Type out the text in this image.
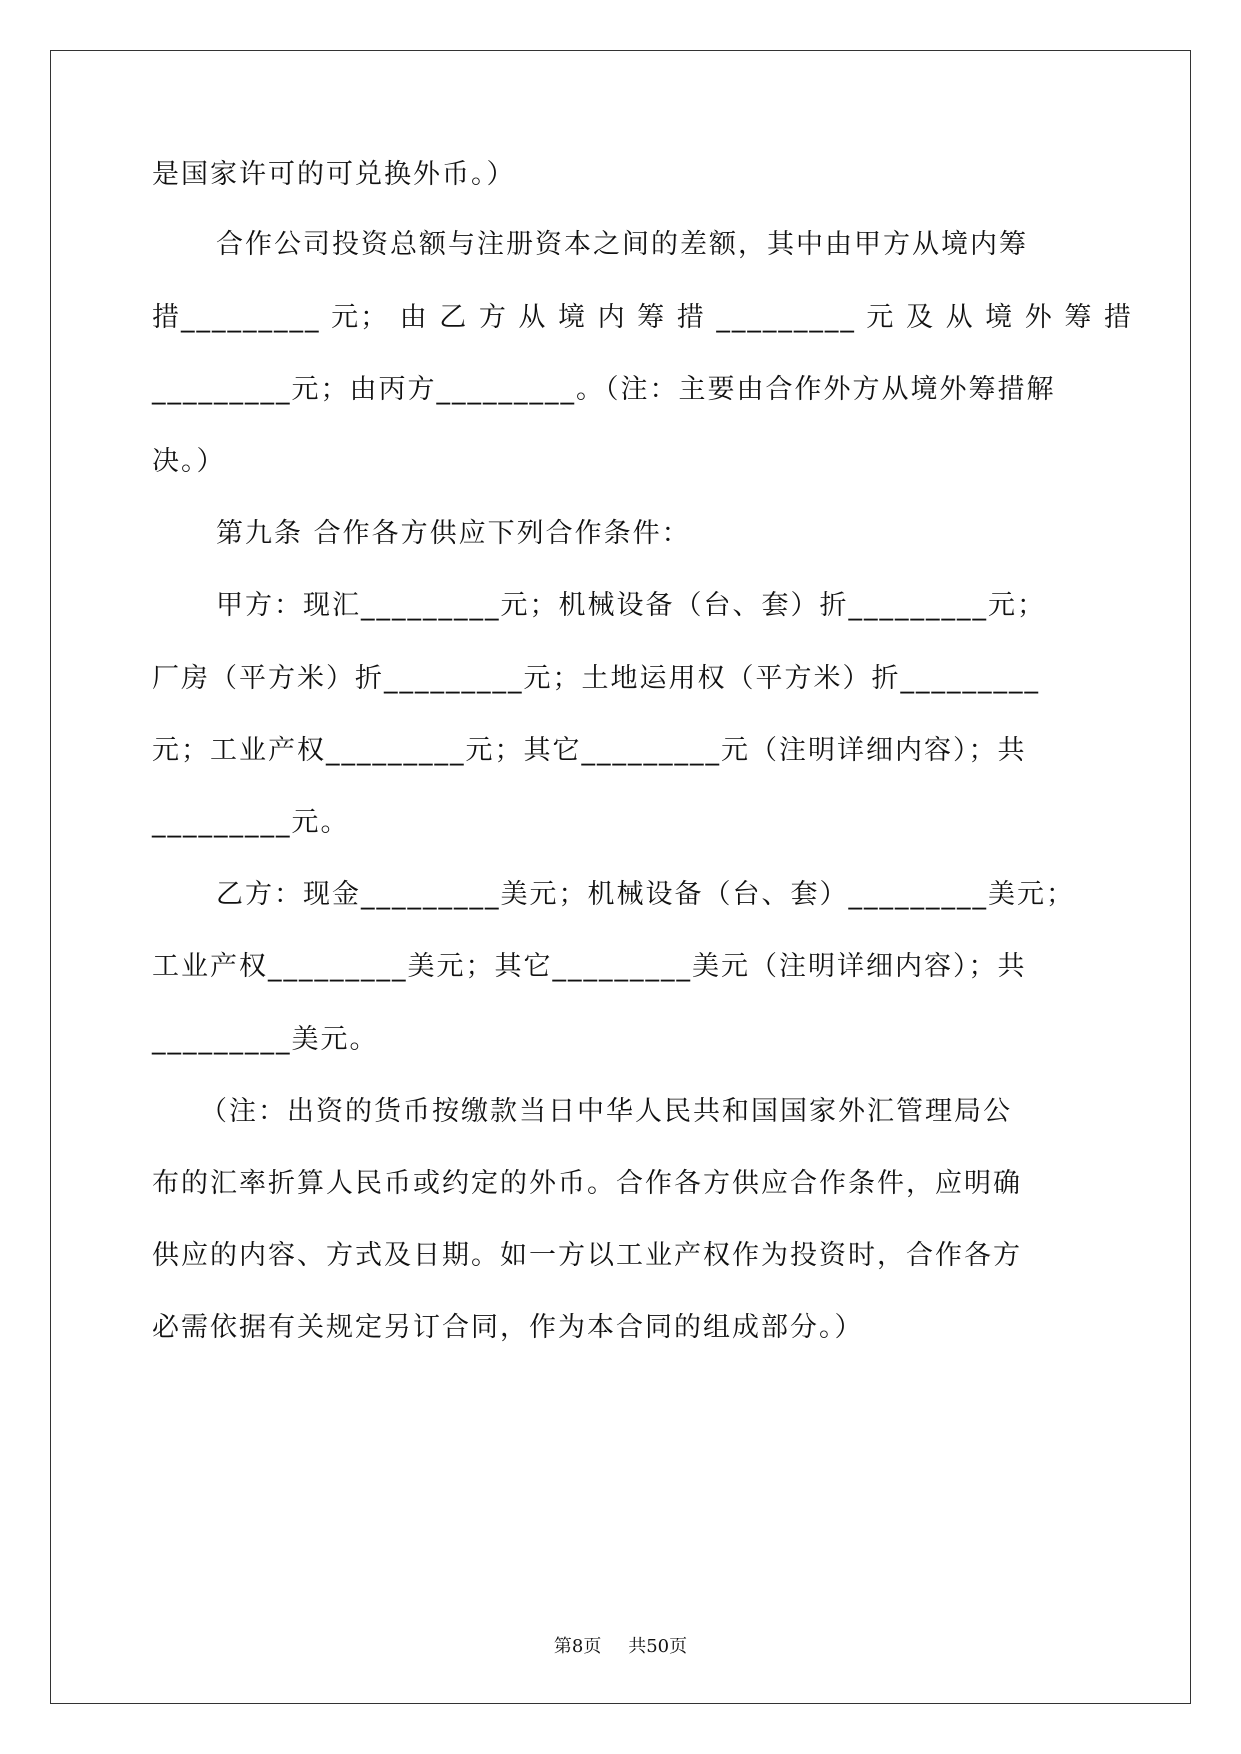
是国家许可的可兑换外币。）
合作公司投资总额与注册资本之间的差额，其中由甲方从境内筹
措_________ 元； 由 乙 方 从 境 内 筹 措 _________ 元 及 从 境 外 筹 措
_________元；由丙方_________。（注：主要由合作外方从境外筹措解
决。）
第九条 合作各方供应下列合作条件：
甲方：现汇_________元；机械设备（台、套）折_________元；
厂房（平方米）折_________元；土地运用权（平方米）折_________
元；工业产权_________元；其它_________元（注明详细内容）；共
_________元。
乙方：现金_________美元；机械设备（台、套）_________美元；
工业产权_________美元；其它_________美元（注明详细内容）；共
_________美元。
（注：出资的货币按缴款当日中华人民共和国国家外汇管理局公
布的汇率折算人民币或约定的外币。合作各方供应合作条件，应明确
供应的内容、方式及日期。如一方以工业产权作为投资时，合作各方
必需依据有关规定另订合同，作为本合同的组成部分。）
第8页 共50页
